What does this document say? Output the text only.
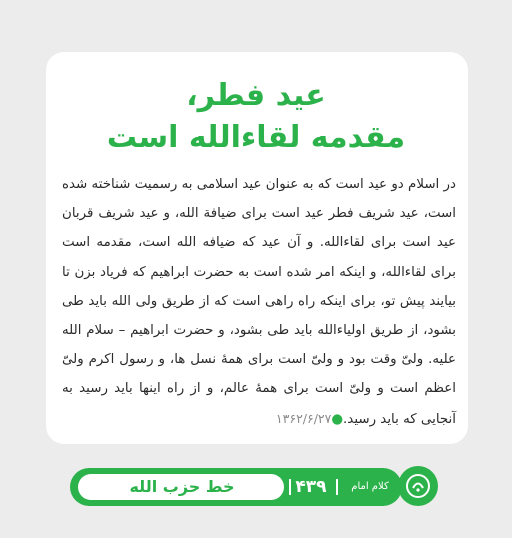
عید فطر،
مقدمه لقاءالله است
در اسلام دو عید است که به عنوان عید اسلامی به رسمیت شناخته شده است، عید شریف فطر عید است برای ضیافة الله، و عید شریف قربان عید است برای لقاءالله. و آن عید که ضیافه الله است، مقدمه است برای لقاءالله، و اینکه امر شده است به حضرت ابراهیم که فریاد بزن تا بیایند پیش تو، برای اینکه راه راهی است که از طریق ولی الله باید طی بشود، از طریق اولیاءالله باید طی بشود، و حضرت ابراهیم – سلام الله علیه. ولیّ وقت بود و ولیّ است برای همهٔ نسل ها، و رسول اکرم ولیّ اعظم است و ولیّ است برای همهٔ عالم، و از راه اینها باید رسید به آنجایی که باید رسید.●۱۳۶۲/۶/۲۷
خط حزب الله	۴۳۹	کلام امام
